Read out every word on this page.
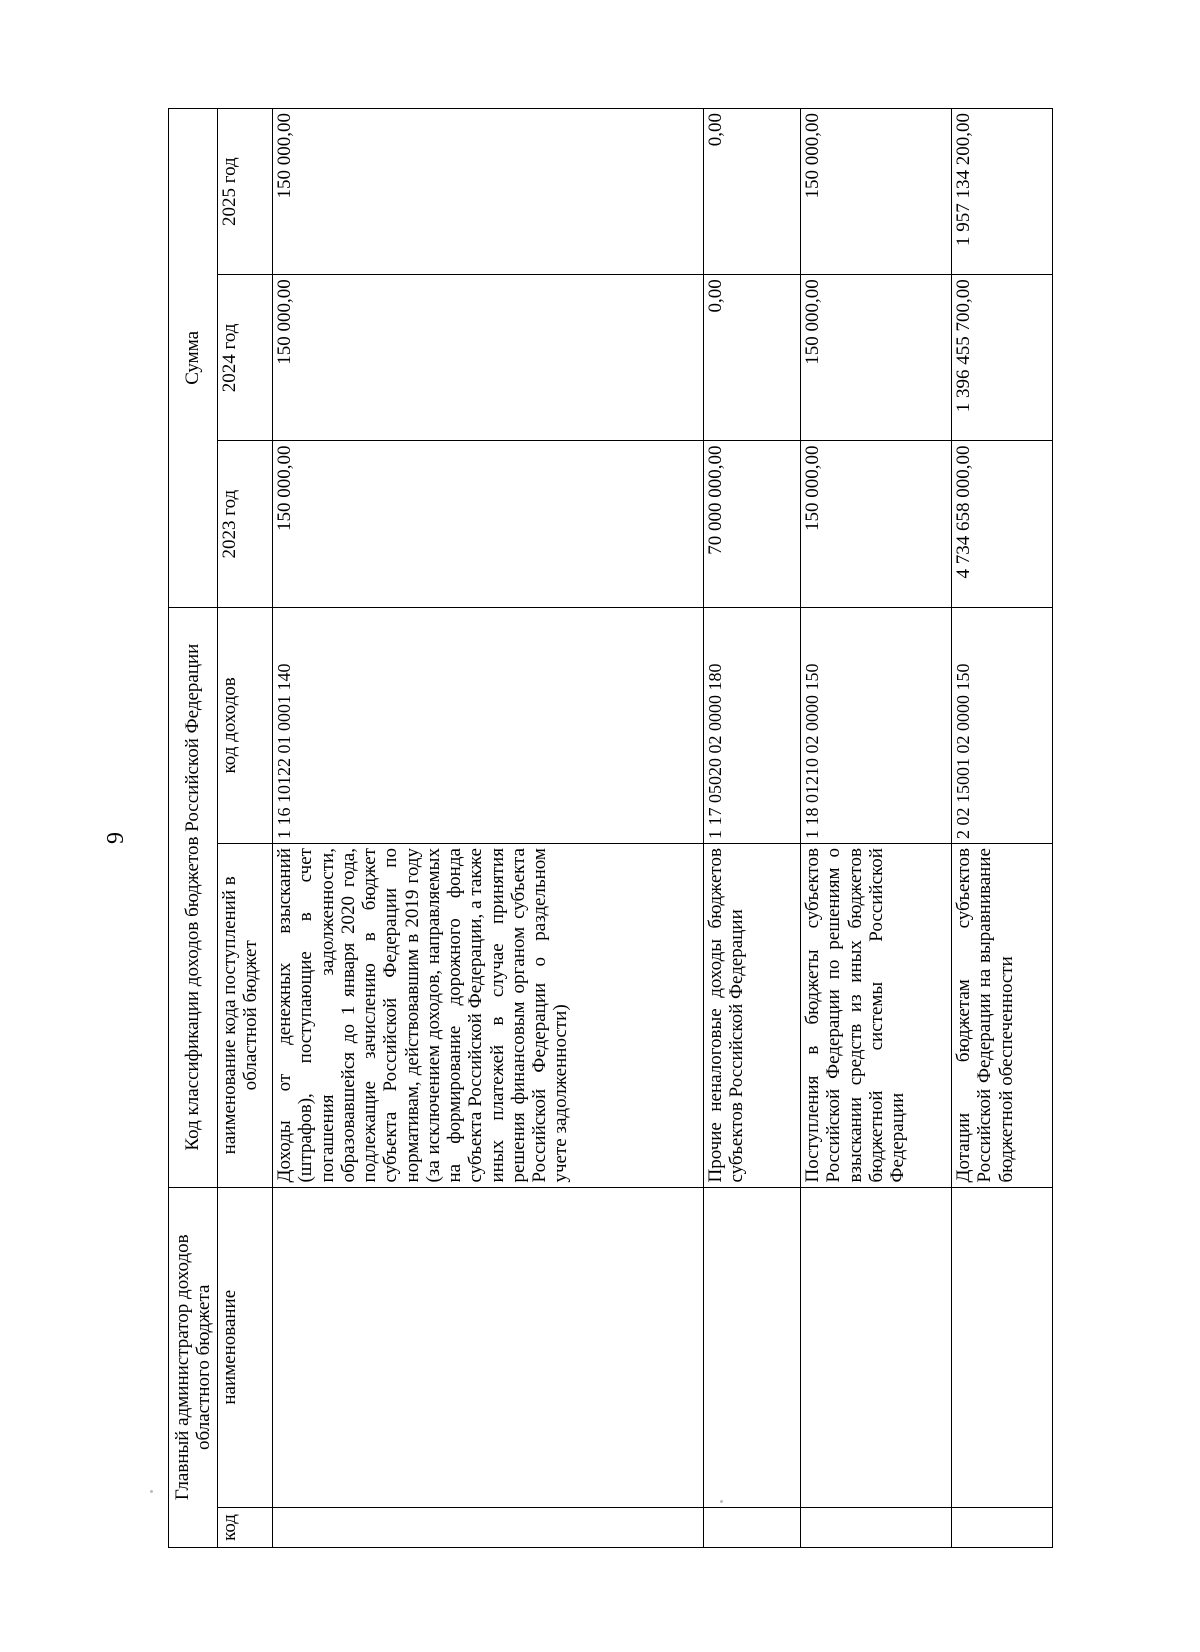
9
Главный администратор доходов областного бюджета		Код классификации доходов бюджетов Российской Федерации		Сумма		
код	наименование	наименование кода поступлений в областной бюджет	код доходов	2023 год	2024 год	2025 год
		Доходы от денежных взысканий (штрафов), поступающие в счет погашения задолженности, образовавшейся до 1 января 2020 года, подлежащие зачислению в бюджет субъекта Российской Федерации по нормативам, действовавшим в 2019 году (за исключением доходов, направляемых на формирование дорожного фонда субъекта Российской Федерации, а также иных платежей в случае принятия решения финансовым органом субъекта Российской Федерации о раздельном учете задолженности)	1 16 10122 01 0001 140	150 000,00	150 000,00	150 000,00
		Прочие неналоговые доходы бюджетов субъектов Российской Федерации	1 17 05020 02 0000 180	70 000 000,00	0,00	0,00
		Поступления в бюджеты субъектов Российской Федерации по решениям о взыскании средств из иных бюджетов бюджетной системы Российской Федерации	1 18 01210 02 0000 150	150 000,00	150 000,00	150 000,00
		Дотации бюджетам субъектов Российской Федерации на выравнивание бюджетной обеспеченности	2 02 15001 02 0000 150	4 734 658 000,00	1 396 455 700,00	1 957 134 200,00
